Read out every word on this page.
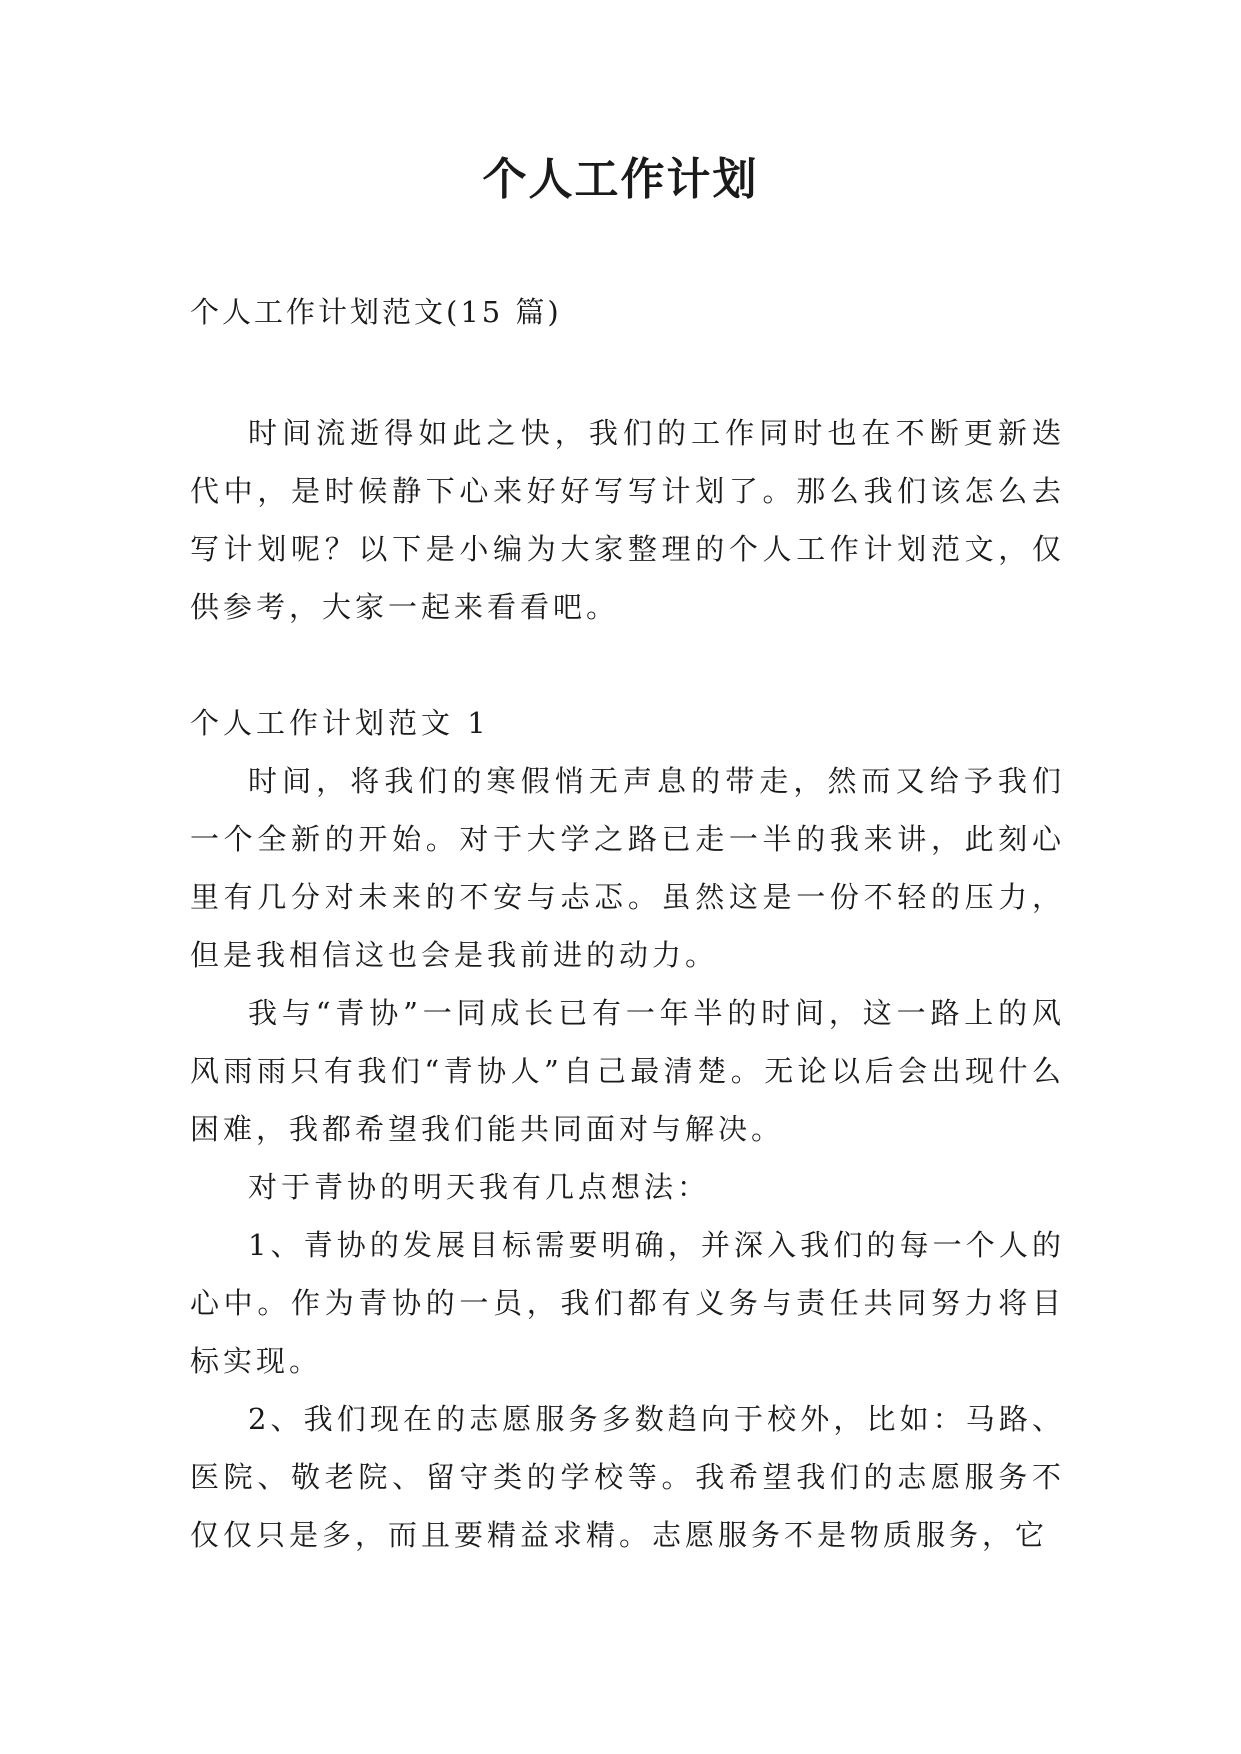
个人工作计划

个人工作计划范文(15 篇)

时间流逝得如此之快，我们的工作同时也在不断更新迭代中，是时候静下心来好好写写计划了。那么我们该怎么去写计划呢？以下是小编为大家整理的个人工作计划范文，仅供参考，大家一起来看看吧。

个人工作计划范文 1

时间，将我们的寒假悄无声息的带走，然而又给予我们一个全新的开始。对于大学之路已走一半的我来讲，此刻心里有几分对未来的不安与忐忑。虽然这是一份不轻的压力，但是我相信这也会是我前进的动力。

我与“青协”一同成长已有一年半的时间，这一路上的风风雨雨只有我们“青协人”自己最清楚。无论以后会出现什么困难，我都希望我们能共同面对与解决。

对于青协的明天我有几点想法：

1、青协的发展目标需要明确，并深入我们的每一个人的心中。作为青协的一员，我们都有义务与责任共同努力将目标实现。

2、我们现在的志愿服务多数趋向于校外，比如：马路、医院、敬老院、留守类的学校等。我希望我们的志愿服务不仅仅只是多，而且要精益求精。志愿服务不是物质服务，它
